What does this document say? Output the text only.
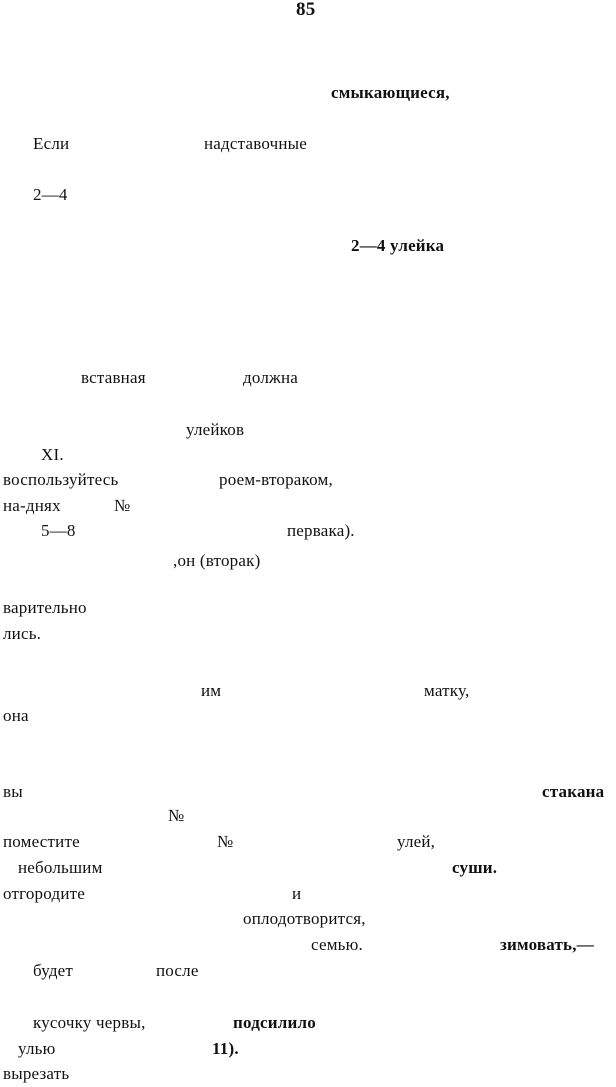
85
смыкающиеся,
Если	надставочные
2—4
2—4 улейка
вставная	должна
улейков
XI.
воспользуйтесь	роем-втораком,
на-днях	№
5—8	первака).
,он (вторак)
варительно
лись.
им	матку,
она
вы	стакана
№
поместите	№	улей,
небольшим	суши.
отгородите	и
оплодотворится,
семью.	зимовать,—
будет	после
кусочку червы,	подсилило
улью	11).
вырезать
